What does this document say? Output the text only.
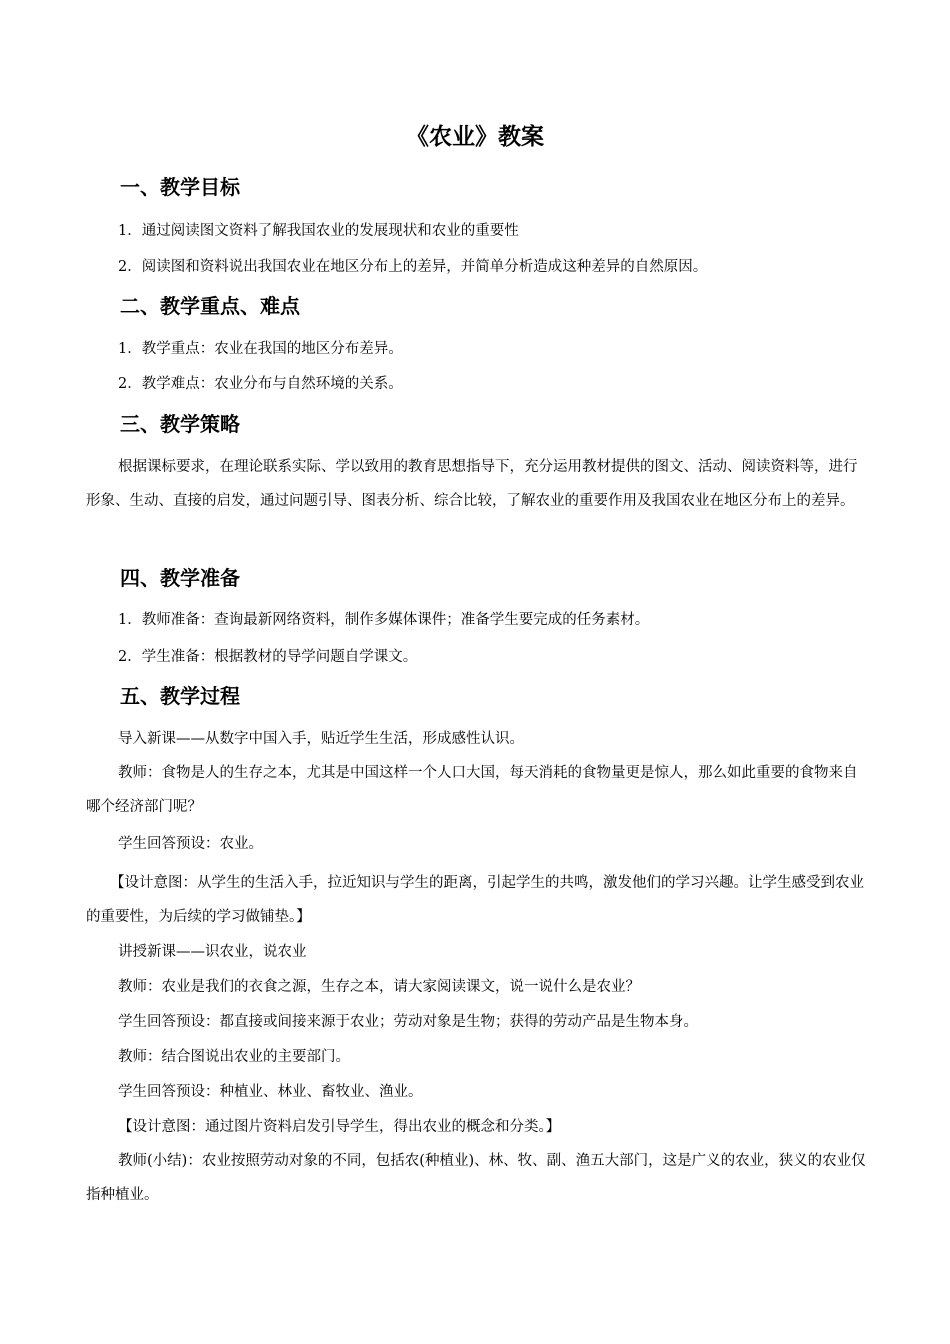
《农业》教案
一、教学目标

1．通过阅读图文资料了解我国农业的发展现状和农业的重要性

2．阅读图和资料说出我国农业在地区分布上的差异，并简单分析造成这种差异的自然原因。

二、教学重点、难点

1．教学重点：农业在我国的地区分布差异。

2．教学难点：农业分布与自然环境的关系。

三、教学策略

根据课标要求，在理论联系实际、学以致用的教育思想指导下，充分运用教材提供的图文、活动、阅读资料等，进行形象、生动、直接的启发，通过问题引导、图表分析、综合比较，了解农业的重要作用及我国农业在地区分布上的差异。

四、教学准备

1．教师准备：查询最新网络资料，制作多媒体课件；准备学生要完成的任务素材。

2．学生准备：根据教材的导学问题自学课文。

五、教学过程

导入新课——从数字中国入手，贴近学生生活，形成感性认识。

教师：食物是人的生存之本，尤其是中国这样一个人口大国，每天消耗的食物量更是惊人，那么如此重要的食物来自哪个经济部门呢？

学生回答预设：农业。

【设计意图：从学生的生活入手，拉近知识与学生的距离，引起学生的共鸣，激发他们的学习兴趣。让学生感受到农业的重要性，为后续的学习做铺垫。】

讲授新课——识农业，说农业

教师：农业是我们的衣食之源，生存之本，请大家阅读课文，说一说什么是农业？

学生回答预设：都直接或间接来源于农业；劳动对象是生物；获得的劳动产品是生物本身。

教师：结合图说出农业的主要部门。

学生回答预设：种植业、林业、畜牧业、渔业。

【设计意图：通过图片资料启发引导学生，得出农业的概念和分类。】

教师(小结)：农业按照劳动对象的不同，包括农(种植业)、林、牧、副、渔五大部门，这是广义的农业，狭义的农业仅指种植业。
